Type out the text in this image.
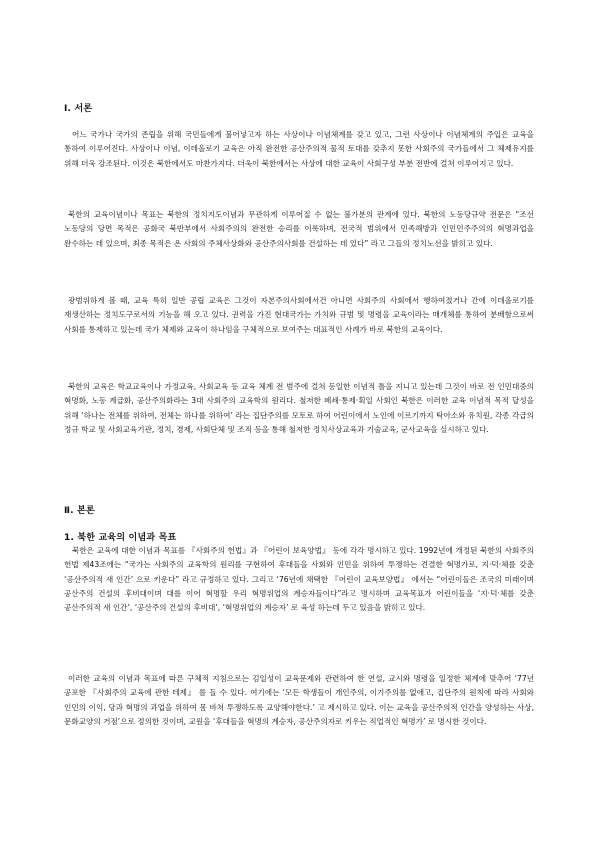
Ⅰ. 서론

어느 국가나 국가의 존립을 위해 국민들에게 불어넣고자 하는 사상이나 이념체계를 갖고 있고, 그런 사상이나 이념체계의 주입은 교육을 통하여 이루어진다. 사상이나 이념, 이데올로기 교육은 아직 완전한 공산주의적 물적 토대를 갖추지 못한 사회주의 국가들에서 그 체제유지를 위해 더욱 강조된다. 이것은 북한에서도 마찬가지다. 더욱이 북한에서는 사상에 대한 교육이 사회구성 부분 전반에 걸쳐 이루어지고 있다.

북한의 교육이념이나 목표는 북한의 정치지도이념과 무관하게 이루어질 수 없는 불가분의 관계에 있다. 북한의 노동당규약 전문은 “조선 노동당의 당면 목적은 공화국 북반부에서 사회주의의 완전한 승리를 이룩하며, 전국적 범위에서 민족해방과 인민민주주의의 혁명과업을 완수하는 데 있으며, 최종 목적은 온 사회의 주체사상화와 공산주의사회를 건설하는 데 있다” 라고 그들의 정치노선을 밝히고 있다.

광범위하게 볼 때, 교육 특히 일반 공립 교육은 그것이 자본주의사회에서건 아니면 사회주의 사회에서 행하여졌거나 간에 이데올로기를 재생산하는 정치도구로서의 기능을 해 오고 있다. 권력을 가진 현대국가는 가치와 규범 및 명령을 교육이라는 매개체를 통하여 분배함으로써 사회를 통제하고 있는데 국가 체제와 교육이 하나임을 구체적으로 보여주는 대표적인 사례가 바로 북한의 교육이다.

북한의 교육은 학교교육이나 가정교육, 사회교육 등 교육 체계 전 범주에 걸쳐 동일한 이념적 틀을 지니고 있는데 그것이 바로 전 인민대중의 혁명화, 노동 계급화, 공산주의화라는 3대 사회주의 교육학의 원리다. 철저한 폐쇄·통제·획일 사회인 북한은 이러한 교육 이념적 목적 달성을 위해 ‘하나는 전체를 위하여, 전체는 하나를 위하여’ 라는 집단주의를 모토로 하여 어린이에서 노인에 이르기까지 탁아소와 유치원, 각종 각급의 정규 학교 및 사회교육기관, 정치, 경제, 사회단체 및 조직 등을 통해 철저한 정치사상교육과 기술교육, 군사교육을 실시하고 있다.

Ⅱ. 본론
1. 북한 교육의 이념과 목표

북한은 교육에 대한 이념과 목표를 『사회주의 헌법』과 『어린이 보육양법』 등에 각각 명시하고 있다. 1992년에 개정된 북한의 사회주의 헌법 제43조에는 “국가는 사회주의 교육학의 원리를 구현하여 후대들을 사회와 인민을 위하여 투쟁하는 견결한 혁명가로, 지·덕·체를 갖춘 ‘공산주의적 새 인간’ 으로 키운다” 라고 규정하고 있다. 그리고 ‘76년에 채택한 『어린이 교육보양법』 에서는 “어린이들은 조국의 미래이며 공산주의 건설의 후비대이며 대를 이어 혁명할 우리 혁명위업의 계승자들이다”라고 명시하며 교육목표가 어린이들을 ‘지·덕·체를 갖춘 공산주의적 새 인간’, ‘공산주의 건설의 후비대’, ‘혁명위업의 계승자’ 로 육성 하는데 두고 있음을 밝히고 있다.

이러한 교육의 이념과 목표에 따른 구체적 지침으로는 김일성이 교육문제와 관련하여 한 연설, 교시와 명령을 일정한 체계에 맞추어 ‘77년 공포한 『사회주의 교육에 관한 테제』 를 들 수 있다. 여기에는 ‘모든 학생들이 개인주의, 이기주의를 없애고, 집단주의 원칙에 따라 사회와 인민의 이익, 당과 혁명의 과업을 위하여 몸 바쳐 투쟁하도록 교양해야한다.’ 고 제시하고 있다. 이는 교육을 공산주의적 인간을 양성하는 사상, 문화교양의 거점’으로 정의한 것이며, 교원을 ‘후대들을 혁명의 계승자, 공산주의자로 키우는 직업적인 혁명가’ 로 명시한 것이다.
